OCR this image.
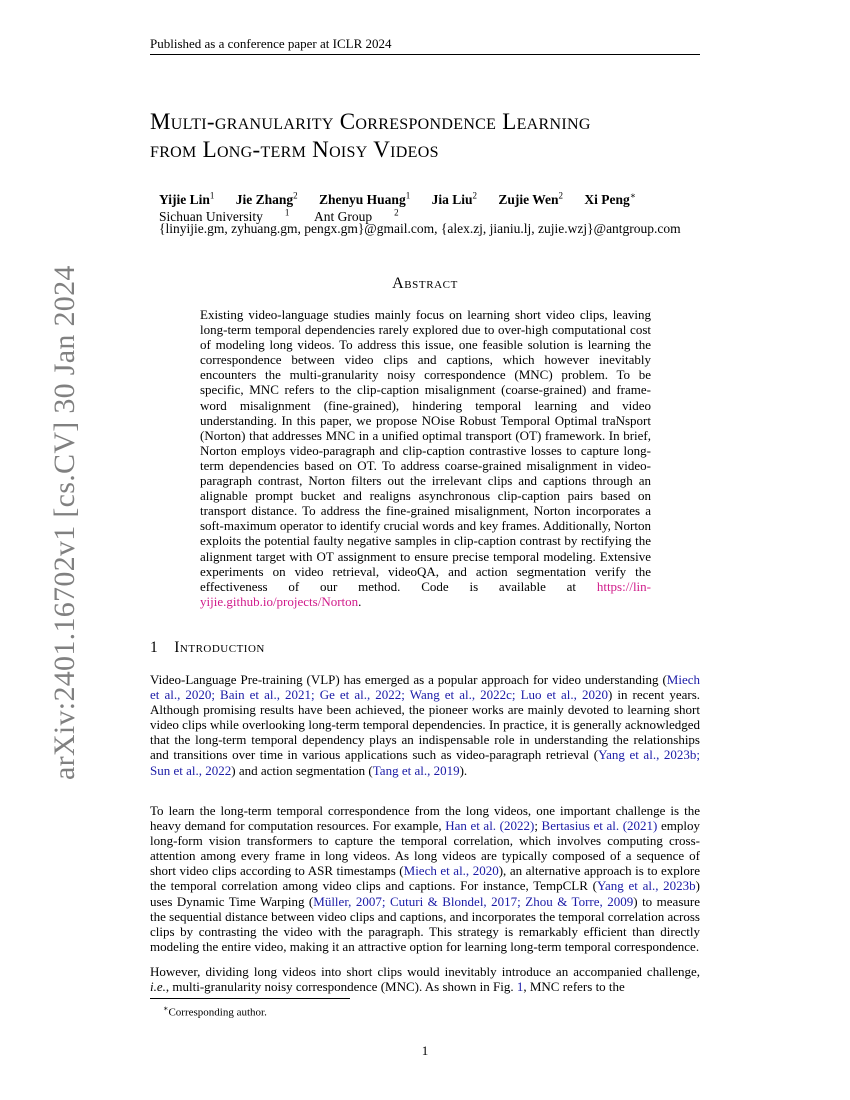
Published as a conference paper at ICLR 2024
arXiv:2401.16702v1 [cs.CV] 30 Jan 2024
Multi-granularity Correspondence Learning
from Long-term Noisy Videos
Yijie Lin$^1$ Jie Zhang$^2$ Zhenyu Huang$^1$ Jia Liu$^2$ Zujie Wen$^2$ Xi Peng∗
Sichuan University $^1$ Ant Group $^2$
{linyijie.gm, zyhuang.gm, pengx.gm}@gmail.com, {alex.zj, jianiu.lj, zujie.wzj}@antgroup.com
Abstract
Existing video-language studies mainly focus on learning short video clips, leaving long-term temporal dependencies rarely explored due to over-high computational cost of modeling long videos. To address this issue, one feasible solution is learning the correspondence between video clips and captions, which however inevitably encounters the multi-granularity noisy correspondence (MNC) problem. To be specific, MNC refers to the clip-caption misalignment (coarse-grained) and frame-word misalignment (fine-grained), hindering temporal learning and video understanding. In this paper, we propose NOise Robust Temporal Optimal traNsport (Norton) that addresses MNC in a unified optimal transport (OT) framework. In brief, Norton employs video-paragraph and clip-caption contrastive losses to capture long-term dependencies based on OT. To address coarse-grained misalignment in video-paragraph contrast, Norton filters out the irrelevant clips and captions through an alignable prompt bucket and realigns asynchronous clip-caption pairs based on transport distance. To address the fine-grained misalignment, Norton incorporates a soft-maximum operator to identify crucial words and key frames. Additionally, Norton exploits the potential faulty negative samples in clip-caption contrast by rectifying the alignment target with OT assignment to ensure precise temporal modeling. Extensive experiments on video retrieval, videoQA, and action segmentation verify the effectiveness of our method. Code is available at https://lin-yijie.github.io/projects/Norton.
1 Introduction
Video-Language Pre-training (VLP) has emerged as a popular approach for video understanding (Miech et al., 2020; Bain et al., 2021; Ge et al., 2022; Wang et al., 2022c; Luo et al., 2020) in recent years. Although promising results have been achieved, the pioneer works are mainly devoted to learning short video clips while overlooking long-term temporal dependencies. In practice, it is generally acknowledged that the long-term temporal dependency plays an indispensable role in understanding the relationships and transitions over time in various applications such as video-paragraph retrieval (Yang et al., 2023b; Sun et al., 2022) and action segmentation (Tang et al., 2019).
To learn the long-term temporal correspondence from the long videos, one important challenge is the heavy demand for computation resources. For example, Han et al. (2022); Bertasius et al. (2021) employ long-form vision transformers to capture the temporal correlation, which involves computing cross-attention among every frame in long videos. As long videos are typically composed of a sequence of short video clips according to ASR timestamps (Miech et al., 2020), an alternative approach is to explore the temporal correlation among video clips and captions. For instance, TempCLR (Yang et al., 2023b) uses Dynamic Time Warping (Müller, 2007; Cuturi & Blondel, 2017; Zhou & Torre, 2009) to measure the sequential distance between video clips and captions, and incorporates the temporal correlation across clips by contrasting the video with the paragraph. This strategy is remarkably efficient than directly modeling the entire video, making it an attractive option for learning long-term temporal correspondence.
However, dividing long videos into short clips would inevitably introduce an accompanied challenge, i.e., multi-granularity noisy correspondence (MNC). As shown in Fig. 1, MNC refers to the
∗Corresponding author.
1
